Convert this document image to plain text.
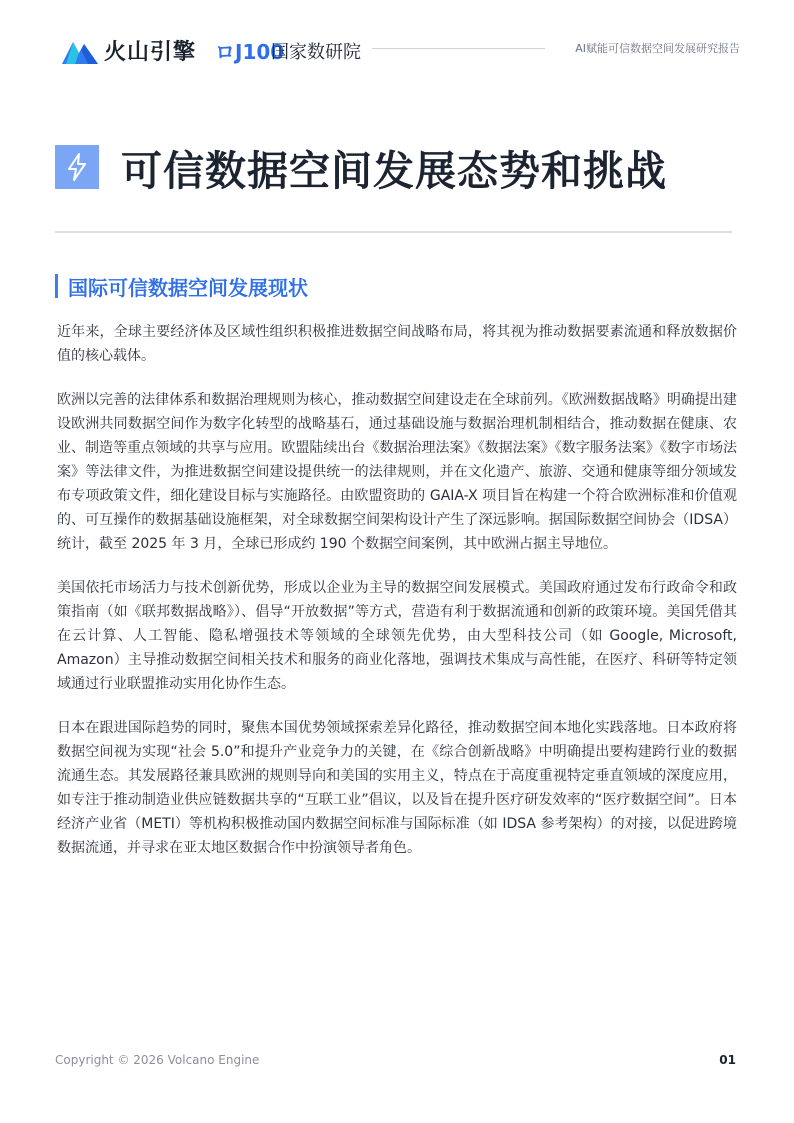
火山引擎 ロJ100
国家数研院	AI赋能可信数据空间发展研究报告
可信数据空间发展态势和挑战
国际可信数据空间发展现状

近年来，全球主要经济体及区域性组织积极推进数据空间战略布局，将其视为推动数据要素流通和释放数据价值的核心载体。

欧洲以完善的法律体系和数据治理规则为核心，推动数据空间建设走在全球前列。《欧洲数据战略》明确提出建设欧洲共同数据空间作为数字化转型的战略基石，通过基础设施与数据治理机制相结合，推动数据在健康、农业、制造等重点领域的共享与应用。欧盟陆续出台《数据治理法案》《数据法案》《数字服务法案》《数字市场法案》等法律文件，为推进数据空间建设提供统一的法律规则，并在文化遗产、旅游、交通和健康等细分领域发布专项政策文件，细化建设目标与实施路径。由欧盟资助的 GAIA-X 项目旨在构建一个符合欧洲标准和价值观的、可互操作的数据基础设施框架，对全球数据空间架构设计产生了深远影响。据国际数据空间协会（IDSA）统计，截至 2025 年 3 月，全球已形成约 190 个数据空间案例，其中欧洲占据主导地位。

美国依托市场活力与技术创新优势，形成以企业为主导的数据空间发展模式。美国政府通过发布行政命令和政策指南（如《联邦数据战略》）、倡导“开放数据”等方式，营造有利于数据流通和创新的政策环境。美国凭借其在云计算、人工智能、隐私增强技术等领域的全球领先优势，由大型科技公司（如 Google, Microsoft, Amazon）主导推动数据空间相关技术和服务的商业化落地，强调技术集成与高性能，在医疗、科研等特定领域通过行业联盟推动实用化协作生态。

日本在跟进国际趋势的同时，聚焦本国优势领域探索差异化路径，推动数据空间本地化实践落地。日本政府将数据空间视为实现“社会 5.0”和提升产业竞争力的关键，在《综合创新战略》中明确提出要构建跨行业的数据流通生态。其发展路径兼具欧洲的规则导向和美国的实用主义，特点在于高度重视特定垂直领域的深度应用，如专注于推动制造业供应链数据共享的“互联工业”倡议，以及旨在提升医疗研发效率的“医疗数据空间”。日本经济产业省（METI）等机构积极推动国内数据空间标准与国际标准（如 IDSA 参考架构）的对接，以促进跨境数据流通，并寻求在亚太地区数据合作中扮演领导者角色。

Copyright © 2026 Volcano Engine	01
